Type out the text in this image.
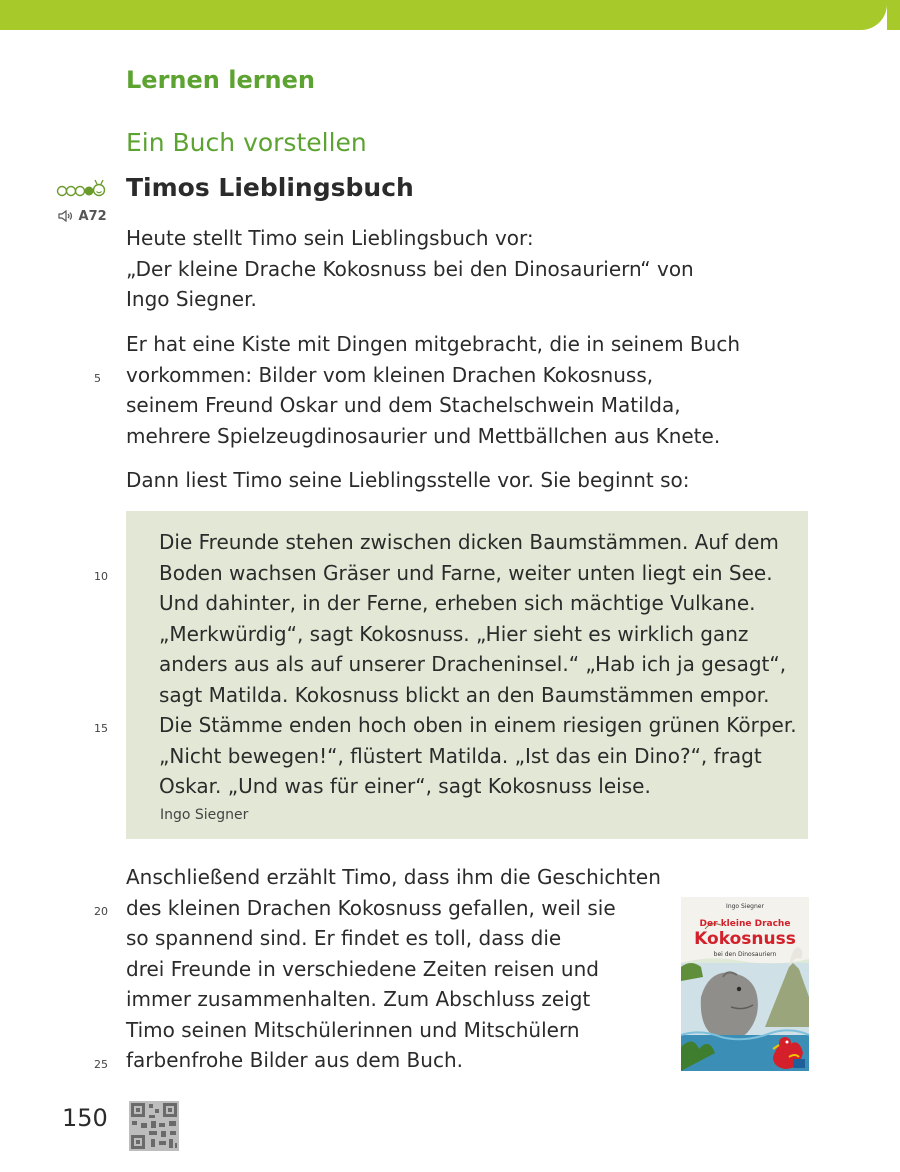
Lernen lernen
Ein Buch vorstellen
Timos Lieblingsbuch
A72
Heute stellt Timo sein Lieblingsbuch vor:
„Der kleine Drache Kokosnuss bei den Dinosauriern“ von
Ingo Siegner.
Er hat eine Kiste mit Dingen mitgebracht, die in seinem Buch
vorkommen: Bilder vom kleinen Drachen Kokosnuss,
seinem Freund Oskar und dem Stachelschwein Matilda,
mehrere Spielzeugdinosaurier und Mettbällchen aus Knete.
Dann liest Timo seine Lieblingsstelle vor. Sie beginnt so:
Die Freunde stehen zwischen dicken Baumstämmen. Auf dem
Boden wachsen Gräser und Farne, weiter unten liegt ein See.
Und dahinter, in der Ferne, erheben sich mächtige Vulkane.
„Merkwürdig“, sagt Kokosnuss. „Hier sieht es wirklich ganz
anders aus als auf unserer Dracheninsel.“ „Hab ich ja gesagt“,
sagt Matilda. Kokosnuss blickt an den Baumstämmen empor.
Die Stämme enden hoch oben in einem riesigen grünen Körper.
„Nicht bewegen!“, flüstert Matilda. „Ist das ein Dino?“, fragt
Oskar. „Und was für einer“, sagt Kokosnuss leise.
Ingo Siegner
Anschließend erzählt Timo, dass ihm die Geschichten
des kleinen Drachen Kokosnuss gefallen, weil sie
so spannend sind. Er findet es toll, dass die
drei Freunde in verschiedene Zeiten reisen und
immer zusammenhalten. Zum Abschluss zeigt
Timo seinen Mitschülerinnen und Mitschülern
farbenfrohe Bilder aus dem Buch.
5
10
15
20
25
Ingo Siegner
Der kleine Drache
Kokosnuss
bei den Dinosauriern
150
